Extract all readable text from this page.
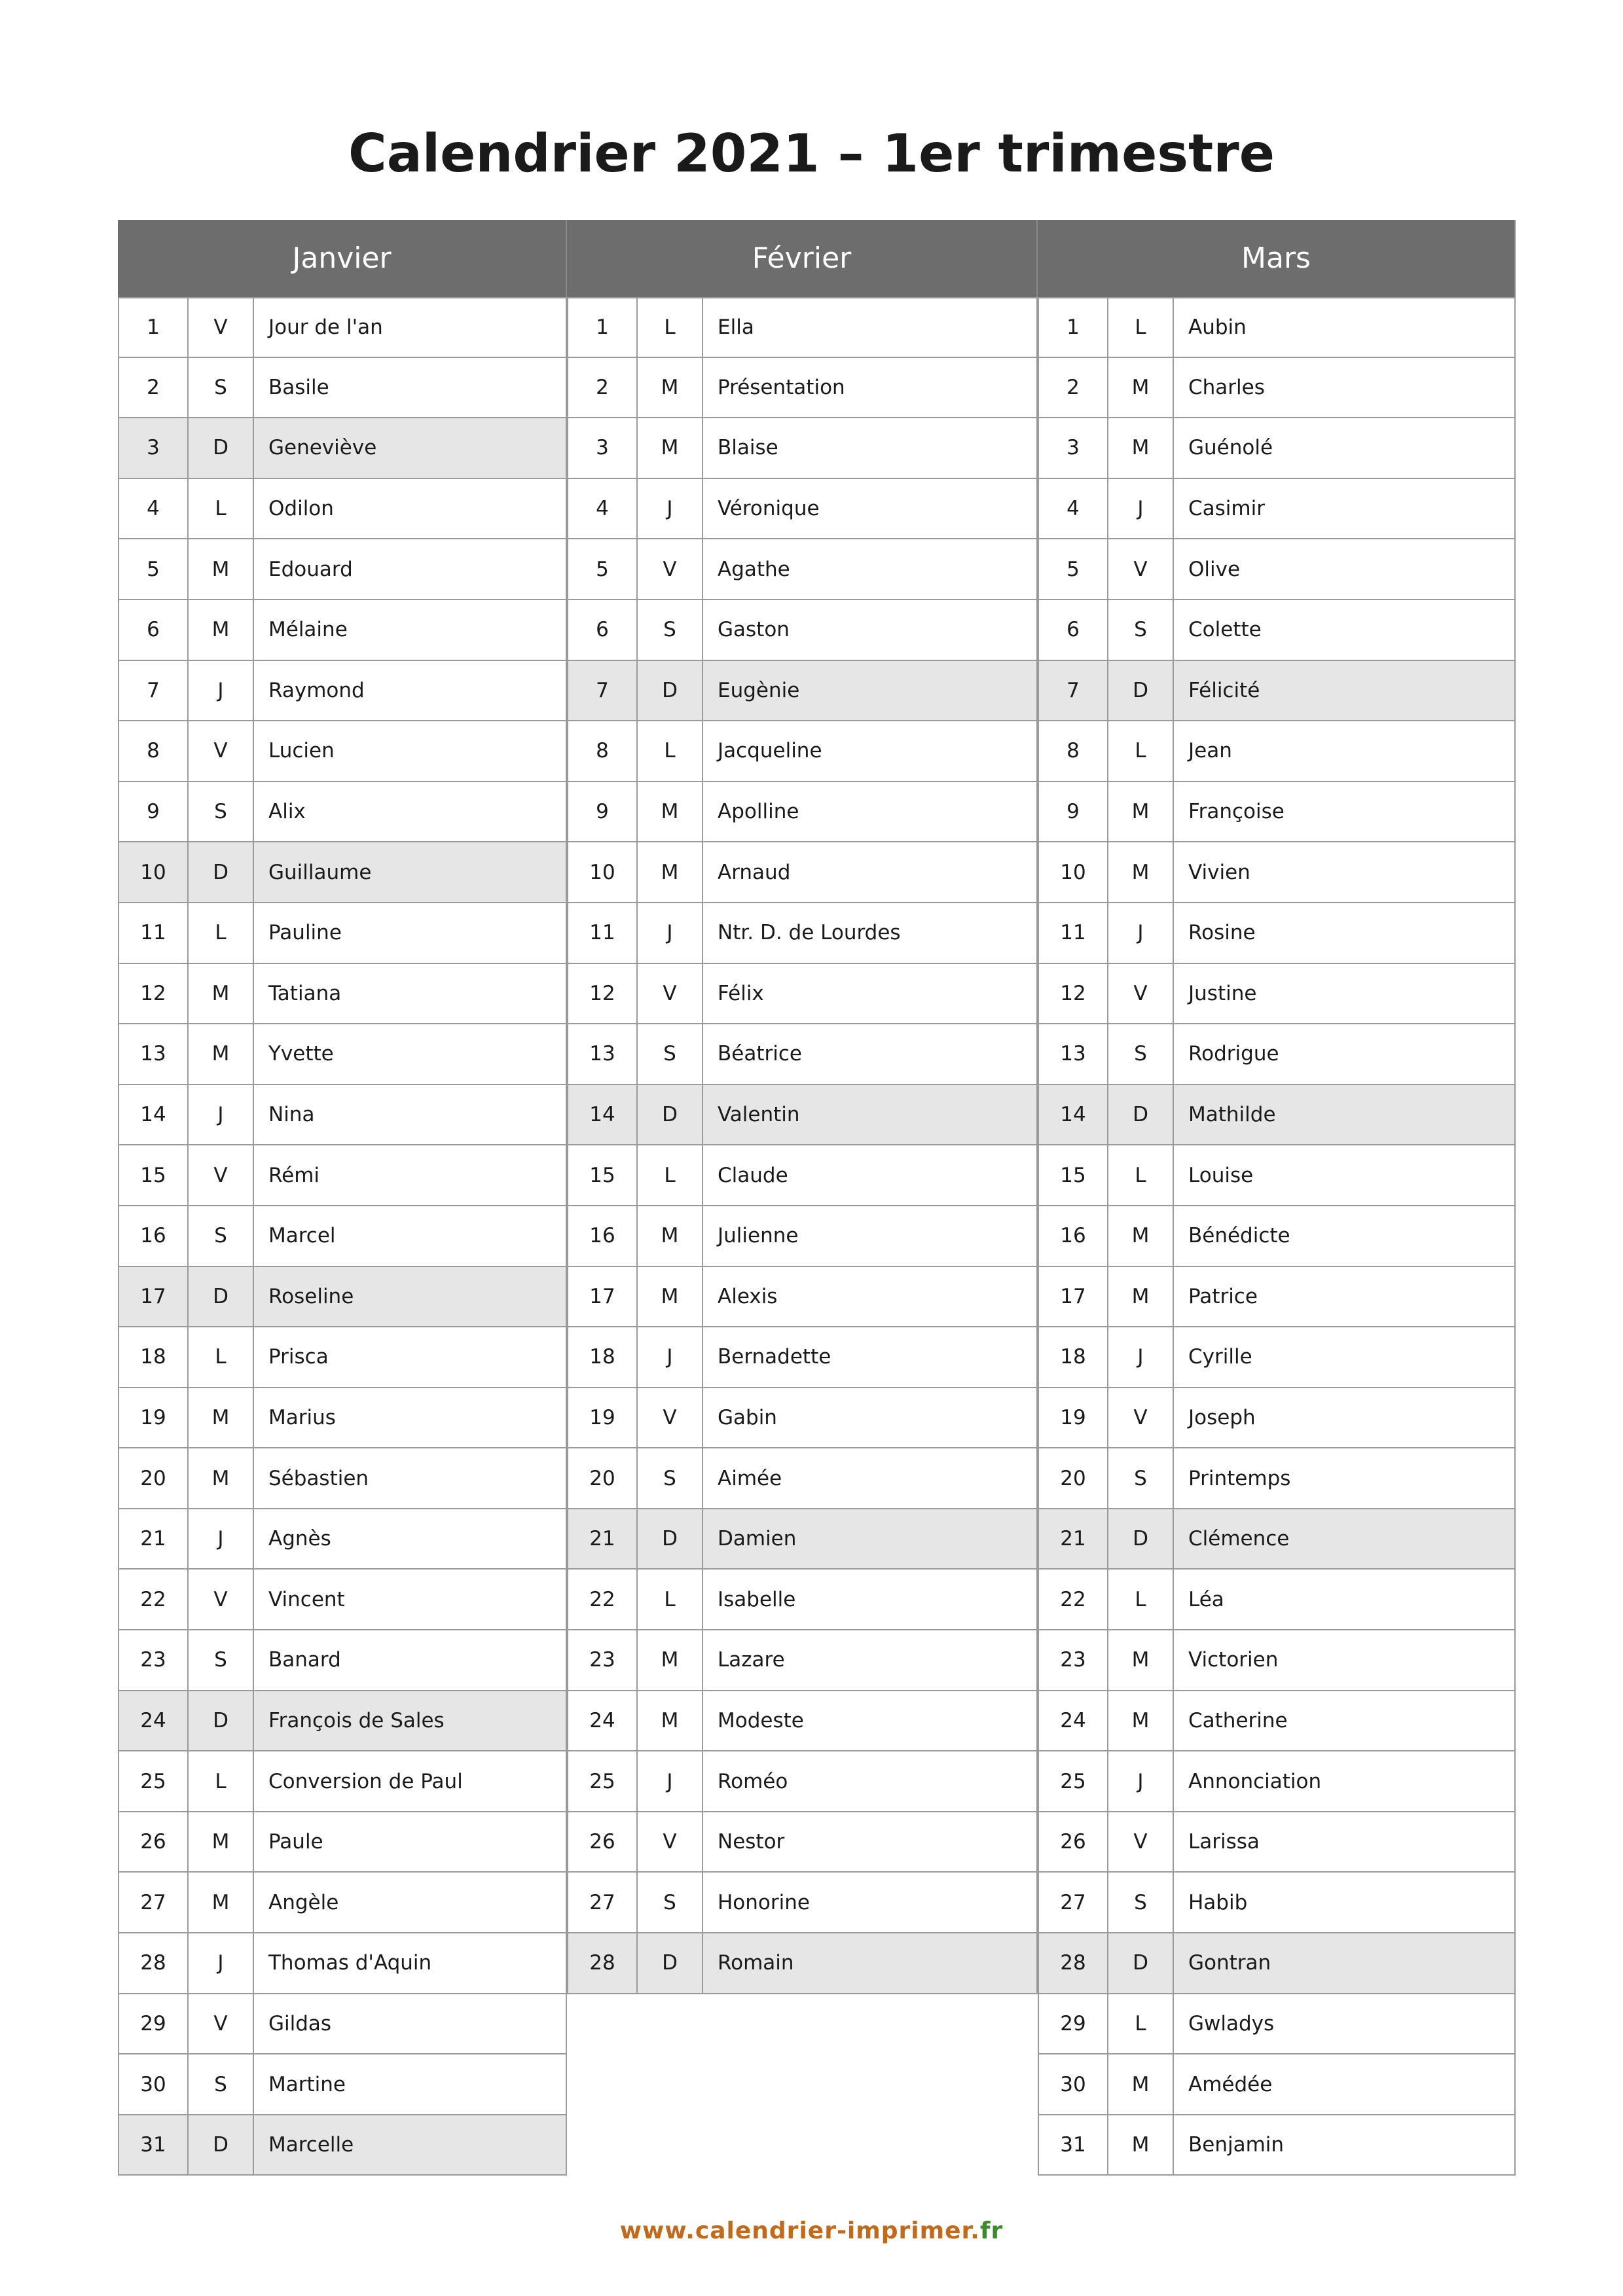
Calendrier 2021 – 1er trimestre
Janvier
1	V	Jour de l'an
2	S	Basile
3	D	Geneviève
4	L	Odilon
5	M	Edouard
6	M	Mélaine
7	J	Raymond
8	V	Lucien
9	S	Alix
10	D	Guillaume
11	L	Pauline
12	M	Tatiana
13	M	Yvette
14	J	Nina
15	V	Rémi
16	S	Marcel
17	D	Roseline
18	L	Prisca
19	M	Marius
20	M	Sébastien
21	J	Agnès
22	V	Vincent
23	S	Banard
24	D	François de Sales
25	L	Conversion de Paul
26	M	Paule
27	M	Angèle
28	J	Thomas d'Aquin
29	V	Gildas
30	S	Martine
31	D	Marcelle
Février
1	L	Ella
2	M	Présentation
3	M	Blaise
4	J	Véronique
5	V	Agathe
6	S	Gaston
7	D	Eugènie
8	L	Jacqueline
9	M	Apolline
10	M	Arnaud
11	J	Ntr. D. de Lourdes
12	V	Félix
13	S	Béatrice
14	D	Valentin
15	L	Claude
16	M	Julienne
17	M	Alexis
18	J	Bernadette
19	V	Gabin
20	S	Aimée
21	D	Damien
22	L	Isabelle
23	M	Lazare
24	M	Modeste
25	J	Roméo
26	V	Nestor
27	S	Honorine
28	D	Romain
Mars
1	L	Aubin
2	M	Charles
3	M	Guénolé
4	J	Casimir
5	V	Olive
6	S	Colette
7	D	Félicité
8	L	Jean
9	M	Françoise
10	M	Vivien
11	J	Rosine
12	V	Justine
13	S	Rodrigue
14	D	Mathilde
15	L	Louise
16	M	Bénédicte
17	M	Patrice
18	J	Cyrille
19	V	Joseph
20	S	Printemps
21	D	Clémence
22	L	Léa
23	M	Victorien
24	M	Catherine
25	J	Annonciation
26	V	Larissa
27	S	Habib
28	D	Gontran
29	L	Gwladys
30	M	Amédée
31	M	Benjamin
www.calendrier-imprimer.fr
